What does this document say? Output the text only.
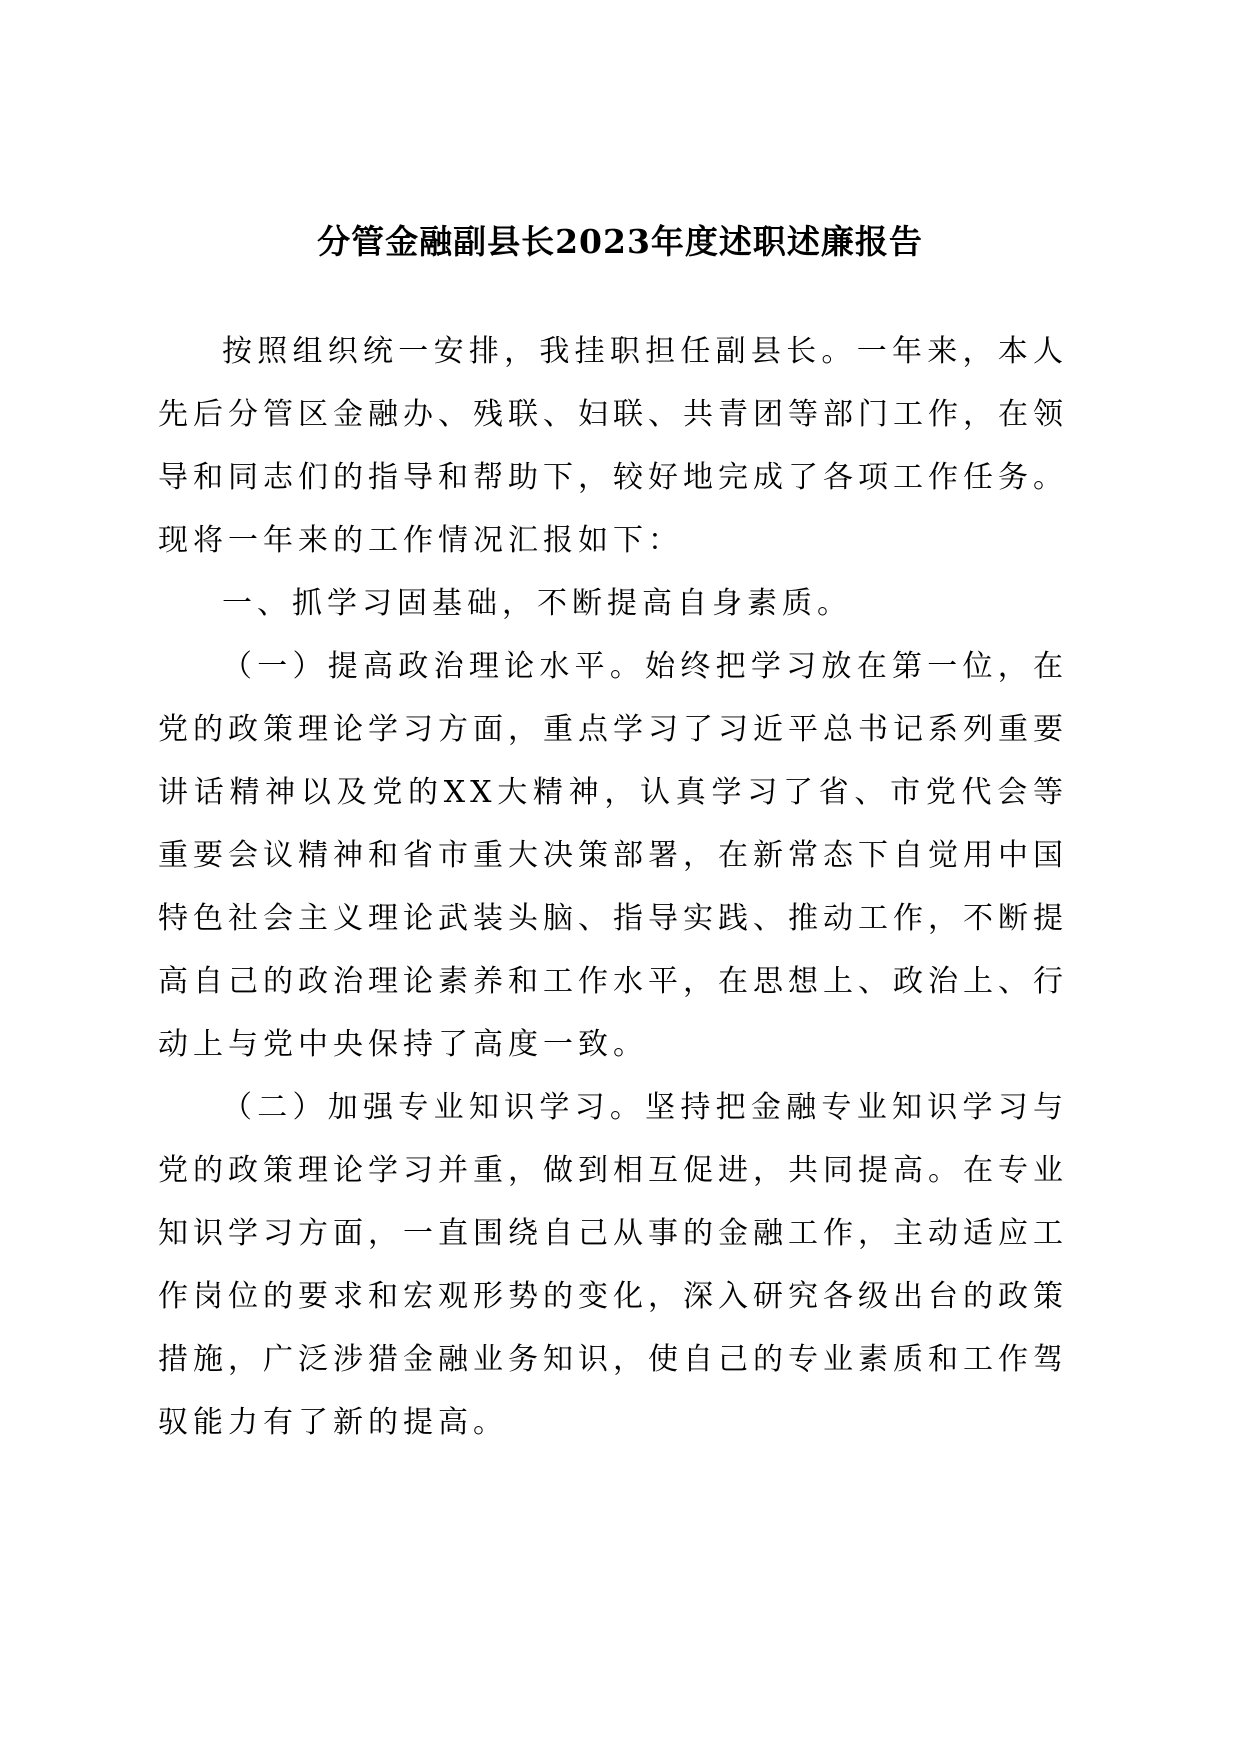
分管金融副县长2023年度述职述廉报告

按照组织统一安排，我挂职担任副县长。一年来，本人先后分管区金融办、残联、妇联、共青团等部门工作，在领导和同志们的指导和帮助下，较好地完成了各项工作任务。现将一年来的工作情况汇报如下：

一、抓学习固基础，不断提高自身素质。

（一）提高政治理论水平。始终把学习放在第一位，在党的政策理论学习方面，重点学习了习近平总书记系列重要讲话精神以及党的XX大精神，认真学习了省、市党代会等重要会议精神和省市重大决策部署，在新常态下自觉用中国特色社会主义理论武装头脑、指导实践、推动工作，不断提高自己的政治理论素养和工作水平，在思想上、政治上、行动上与党中央保持了高度一致。

（二）加强专业知识学习。坚持把金融专业知识学习与党的政策理论学习并重，做到相互促进，共同提高。在专业知识学习方面，一直围绕自己从事的金融工作，主动适应工作岗位的要求和宏观形势的变化，深入研究各级出台的政策措施，广泛涉猎金融业务知识，使自己的专业素质和工作驾驭能力有了新的提高。
